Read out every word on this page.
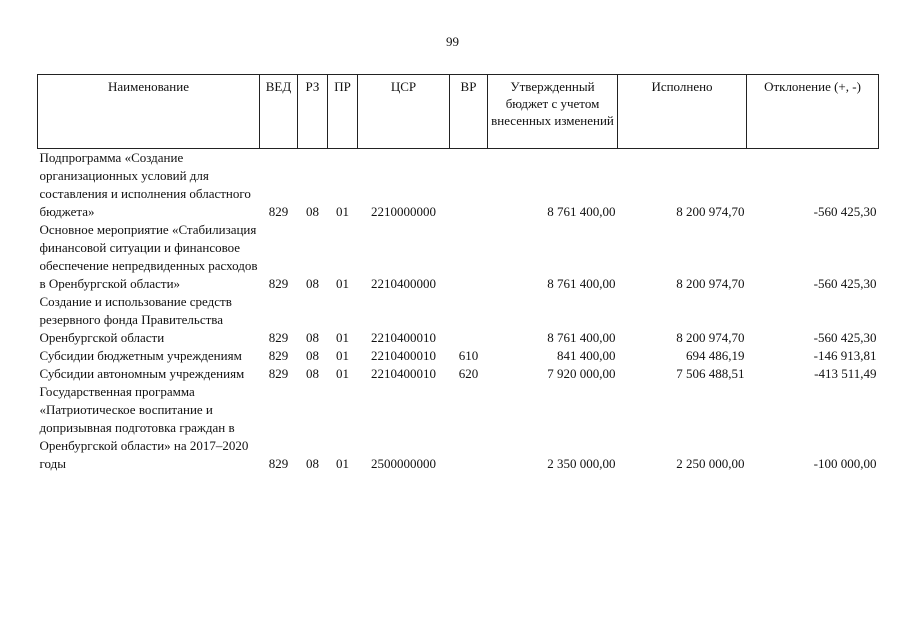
99
Наименование	ВЕД	РЗ	ПР	ЦСР	ВР	Утвержденный бюджет с учетом внесенных изменений	Исполнено	Отклонение (+, -)
Подпрограмма «Создание организационных условий для составления и исполнения областного бюджета»	829	08	01	2210000000		8 761 400,00	8 200 974,70	-560 425,30
Основное мероприятие «Стабилизация финансовой ситуации и финансовое обеспечение непредвиденных расходов в Оренбургской области»	829	08	01	2210400000		8 761 400,00	8 200 974,70	-560 425,30
Создание и использование средств резервного фонда Правительства Оренбургской области	829	08	01	2210400010		8 761 400,00	8 200 974,70	-560 425,30
Субсидии бюджетным учреждениям	829	08	01	2210400010	610	841 400,00	694 486,19	-146 913,81
Субсидии автономным учреждениям	829	08	01	2210400010	620	7 920 000,00	7 506 488,51	-413 511,49
Государственная программа «Патриотическое воспитание и допризывная подготовка граждан в Оренбургской области» на 2017–2020 годы	829	08	01	2500000000		2 350 000,00	2 250 000,00	-100 000,00
